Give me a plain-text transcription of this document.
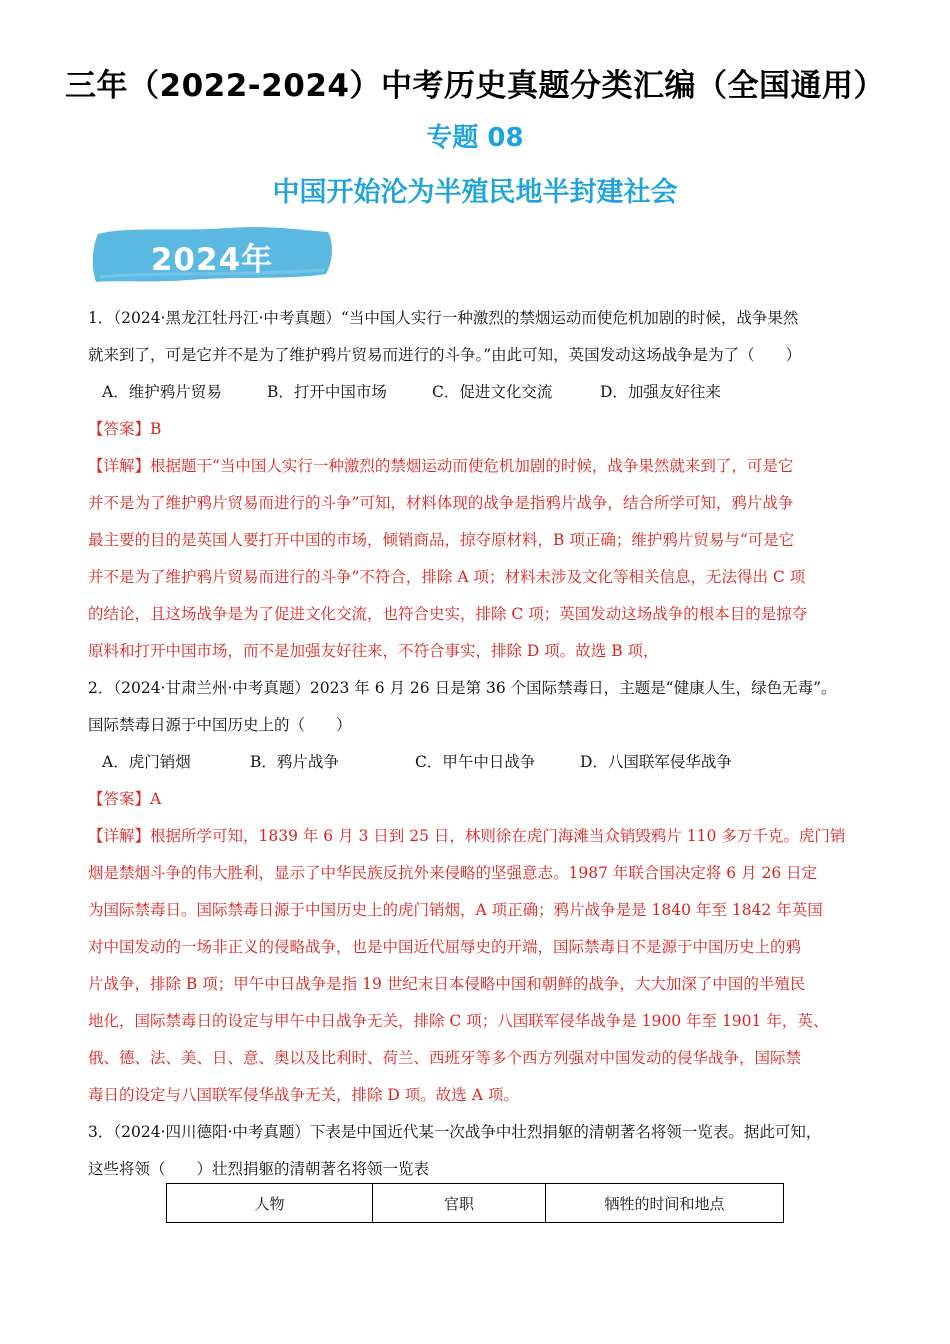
三年（2022-2024）中考历史真题分类汇编（全国通用）
专题 08
中国开始沦为半殖民地半封建社会
2024年
1．（2024·黑龙江牡丹江·中考真题）“当中国人实行一种激烈的禁烟运动而使危机加剧的时候，战争果然
就来到了，可是它并不是为了维护鸦片贸易而进行的斗争。”由此可知，英国发动这场战争是为了（　　）
A．维护鸦片贸易	B．打开中国市场	C．促进文化交流	D．加强友好往来
【答案】B
【详解】根据题干“当中国人实行一种激烈的禁烟运动而使危机加剧的时候，战争果然就来到了，可是它
并不是为了维护鸦片贸易而进行的斗争”可知，材料体现的战争是指鸦片战争，结合所学可知，鸦片战争
最主要的目的是英国人要打开中国的市场，倾销商品，掠夺原材料，B 项正确；维护鸦片贸易与“可是它
并不是为了维护鸦片贸易而进行的斗争”不符合，排除 A 项；材料未涉及文化等相关信息，无法得出 C 项
的结论，且这场战争是为了促进文化交流，也符合史实，排除 C 项；英国发动这场战争的根本目的是掠夺
原料和打开中国市场，而不是加强友好往来，不符合事实，排除 D 项。故选 B 项，
2．（2024·甘肃兰州·中考真题）2023 年 6 月 26 日是第 36 个国际禁毒日，主题是“健康人生，绿色无毒”。
国际禁毒日源于中国历史上的（　　）
A．虎门销烟	B．鸦片战争	C．甲午中日战争	D．八国联军侵华战争
【答案】A
【详解】根据所学可知，1839 年 6 月 3 日到 25 日，林则徐在虎门海滩当众销毁鸦片 110 多万千克。虎门销
烟是禁烟斗争的伟大胜利，显示了中华民族反抗外来侵略的坚强意志。1987 年联合国决定将 6 月 26 日定
为国际禁毒日。国际禁毒日源于中国历史上的虎门销烟，A 项正确；鸦片战争是是 1840 年至 1842 年英国
对中国发动的一场非正义的侵略战争，也是中国近代屈辱史的开端，国际禁毒日不是源于中国历史上的鸦
片战争，排除 B 项；甲午中日战争是指 19 世纪末日本侵略中国和朝鲜的战争，大大加深了中国的半殖民
地化，国际禁毒日的设定与甲午中日战争无关，排除 C 项；八国联军侵华战争是 1900 年至 1901 年，英、
俄、德、法、美、日、意、奥以及比利时、荷兰、西班牙等多个西方列强对中国发动的侵华战争，国际禁
毒日的设定与八国联军侵华战争无关，排除 D 项。故选 A 项。
3．（2024·四川德阳·中考真题）下表是中国近代某一次战争中壮烈捐躯的清朝著名将领一览表。据此可知，
这些将领（　　）壮烈捐躯的清朝著名将领一览表
人物	官职	牺牲的时间和地点
